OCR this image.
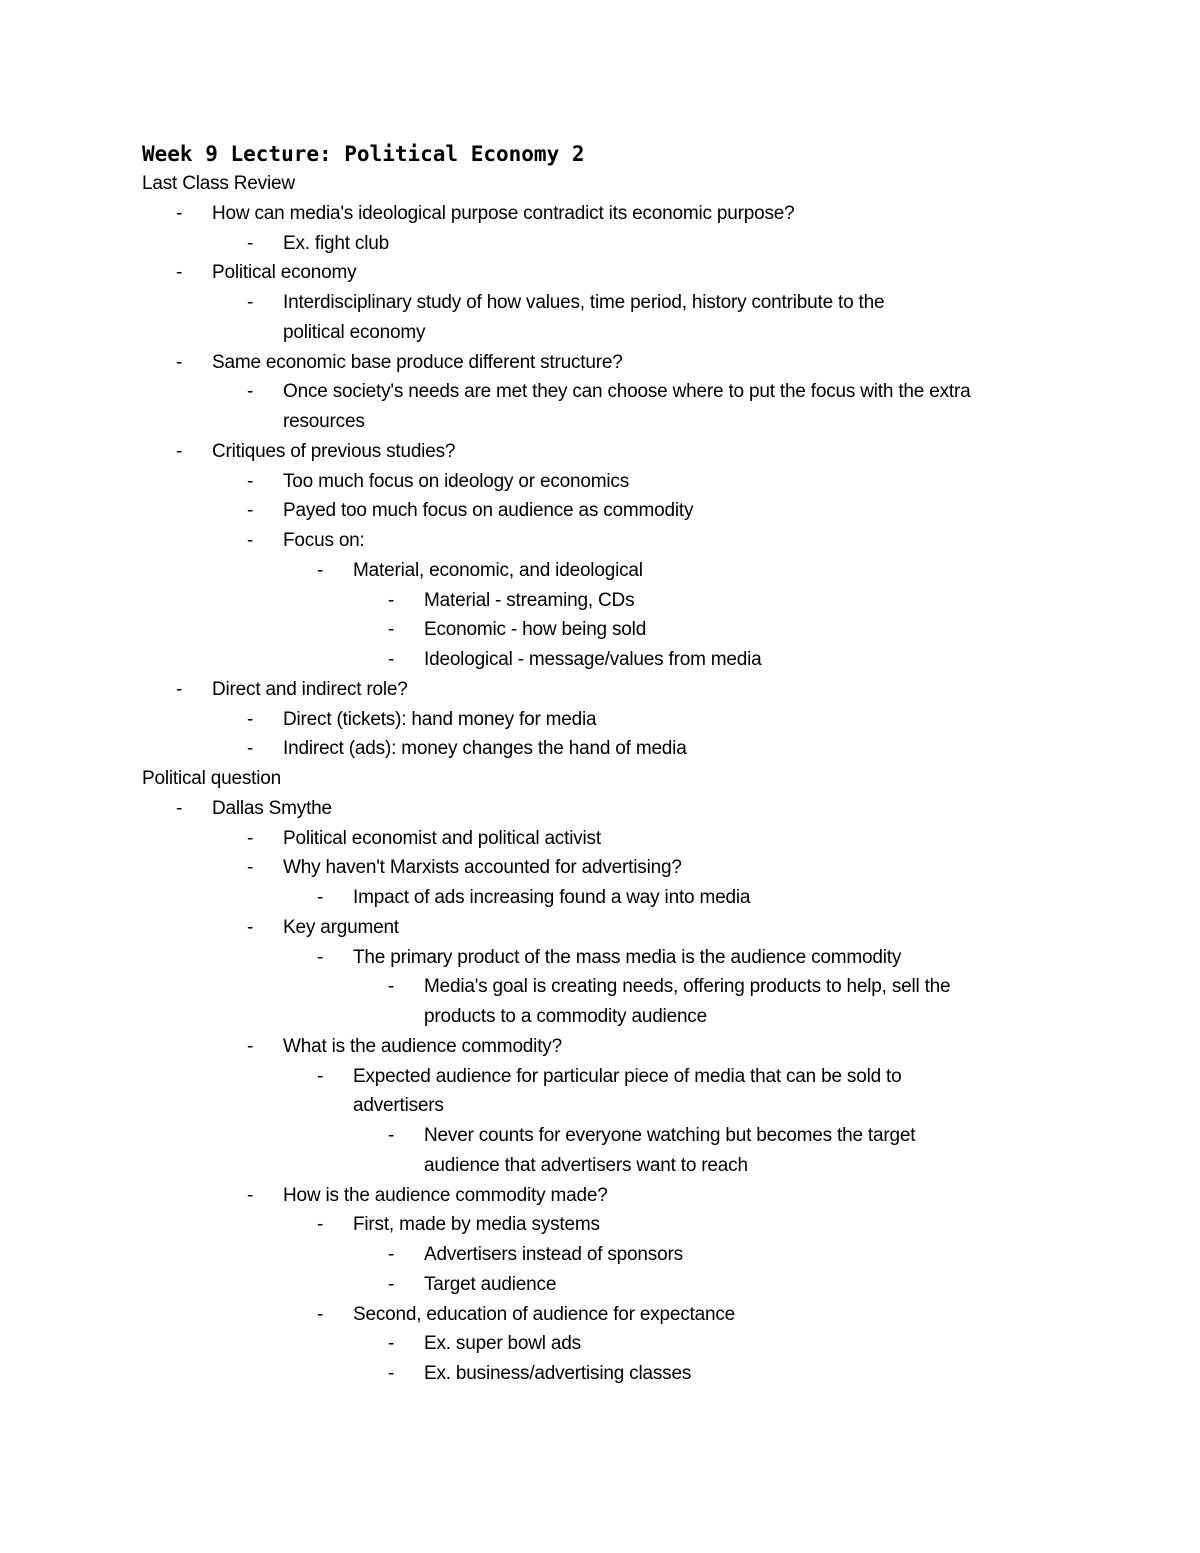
Week 9 Lecture: Political Economy 2
Last Class Review
- How can media's ideological purpose contradict its economic purpose?
- Ex. fight club
- Political economy
- Interdisciplinary study of how values, time period, history contribute to the
political economy
- Same economic base produce different structure?
- Once society's needs are met they can choose where to put the focus with the extra
resources
- Critiques of previous studies?
- Too much focus on ideology or economics
- Payed too much focus on audience as commodity
- Focus on:
- Material, economic, and ideological
- Material - streaming, CDs
- Economic - how being sold
- Ideological - message/values from media
- Direct and indirect role?
- Direct (tickets): hand money for media
- Indirect (ads): money changes the hand of media
Political question
- Dallas Smythe
- Political economist and political activist
- Why haven't Marxists accounted for advertising?
- Impact of ads increasing found a way into media
- Key argument
- The primary product of the mass media is the audience commodity
- Media's goal is creating needs, offering products to help, sell the
products to a commodity audience
- What is the audience commodity?
- Expected audience for particular piece of media that can be sold to
advertisers
- Never counts for everyone watching but becomes the target
audience that advertisers want to reach
- How is the audience commodity made?
- First, made by media systems
- Advertisers instead of sponsors
- Target audience
- Second, education of audience for expectance
- Ex. super bowl ads
- Ex. business/advertising classes
